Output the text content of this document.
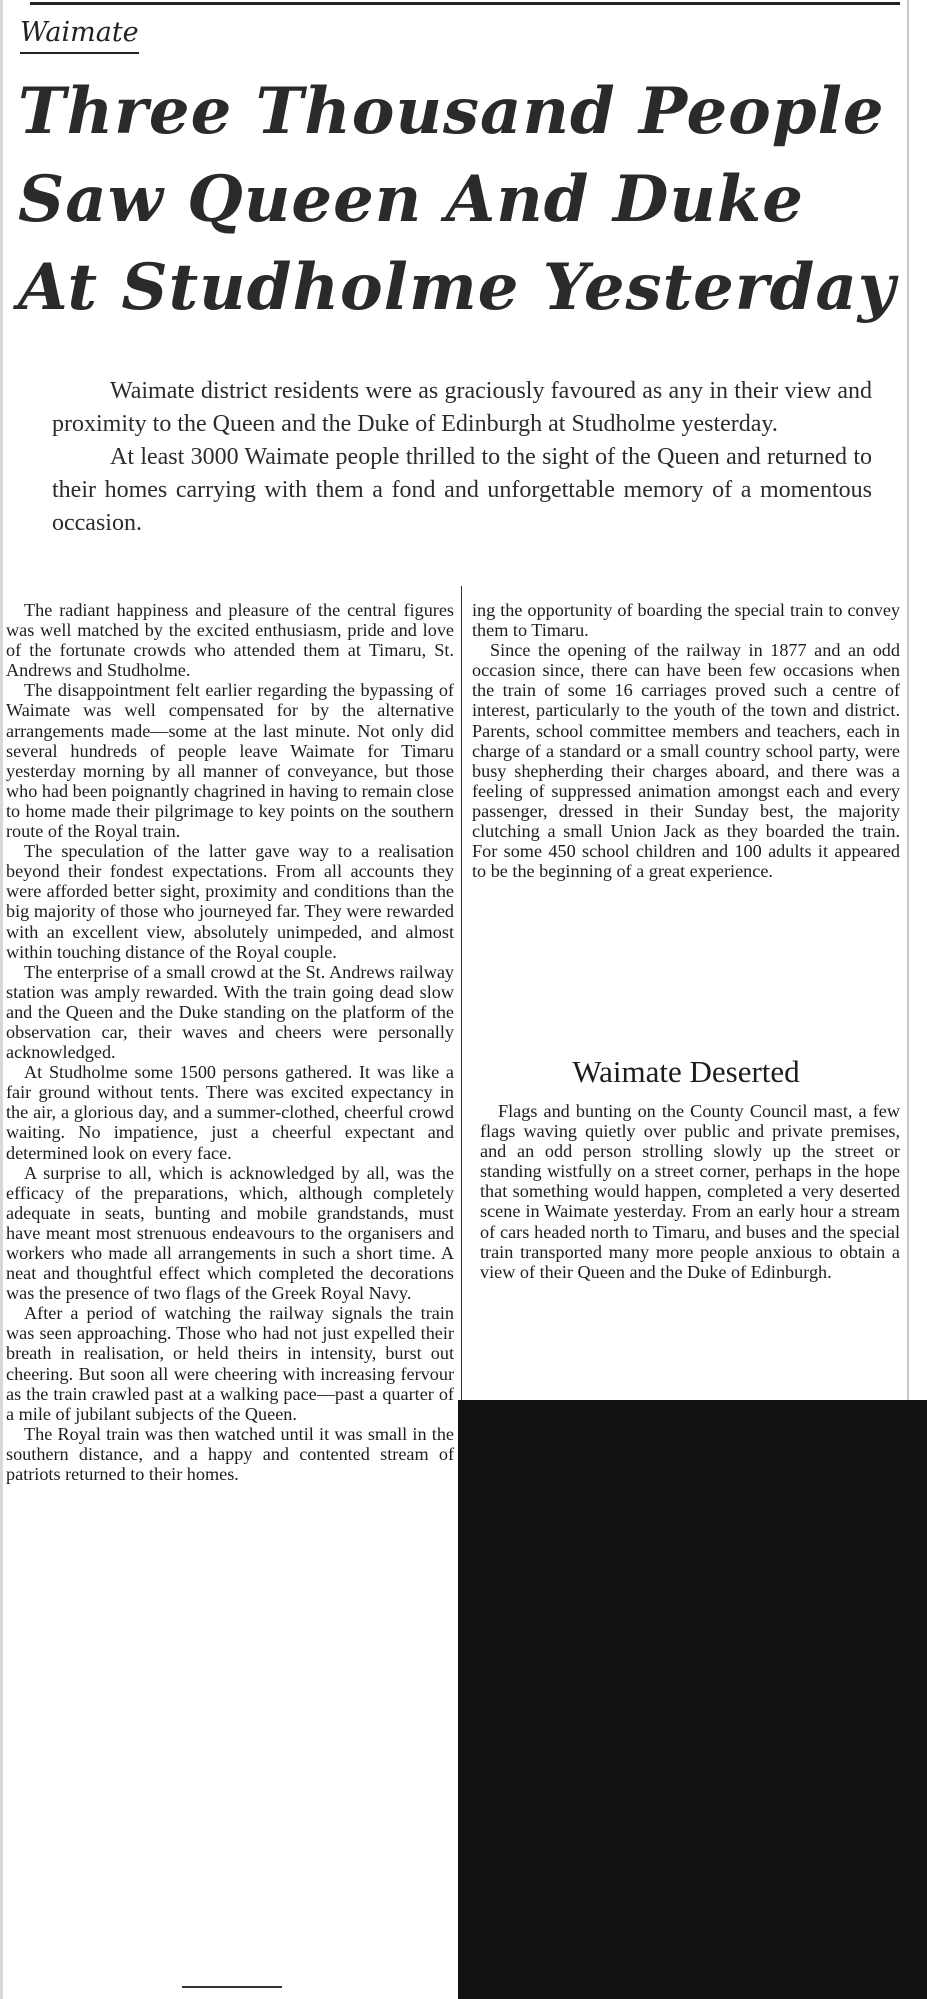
Waimate
Three Thousand People
Saw Queen And Duke
At Studholme Yesterday

Waimate district residents were as graciously favoured as any in their view and proximity to the Queen and the Duke of Edinburgh at Studholme yesterday.

At least 3000 Waimate people thrilled to the sight of the Queen and returned to their homes carrying with them a fond and unforgettable memory of a momentous occasion.

The radiant happiness and pleasure of the central figures was well matched by the excited enthusiasm, pride and love of the fortunate crowds who attended them at Timaru, St. Andrews and Studholme.

The disappointment felt earlier regarding the bypassing of Waimate was well compensated for by the alternative arrangements made—some at the last minute. Not only did several hundreds of people leave Waimate for Timaru yesterday morning by all manner of conveyance, but those who had been poignantly chagrined in having to remain close to home made their pilgrimage to key points on the southern route of the Royal train.

The speculation of the latter gave way to a realisation beyond their fondest expectations. From all accounts they were afforded better sight, proximity and conditions than the big majority of those who journeyed far. They were rewarded with an excellent view, absolutely unimpeded, and almost within touching distance of the Royal couple.

The enterprise of a small crowd at the St. Andrews railway station was amply rewarded. With the train going dead slow and the Queen and the Duke standing on the platform of the observation car, their waves and cheers were personally acknowledged.

At Studholme some 1500 persons gathered. It was like a fair ground without tents. There was excited expectancy in the air, a glorious day, and a summer-clothed, cheerful crowd waiting. No impatience, just a cheerful expectant and determined look on every face.

A surprise to all, which is acknowledged by all, was the efficacy of the preparations, which, although completely adequate in seats, bunting and mobile grandstands, must have meant most strenuous endeavours to the organisers and workers who made all arrangements in such a short time. A neat and thoughtful effect which completed the decorations was the presence of two flags of the Greek Royal Navy.

After a period of watching the railway signals the train was seen approaching. Those who had not just expelled their breath in realisation, or held theirs in intensity, burst out cheering. But soon all were cheering with increasing fervour as the train crawled past at a walking pace—past a quarter of a mile of jubilant subjects of the Queen.

The Royal train was then watched until it was small in the southern distance, and a happy and contented stream of patriots returned to their homes.

ing the opportunity of boarding the special train to convey them to Timaru.

Since the opening of the railway in 1877 and an odd occasion since, there can have been few occasions when the train of some 16 carriages proved such a centre of interest, particularly to the youth of the town and district. Parents, school committee members and teachers, each in charge of a standard or a small country school party, were busy shepherding their charges aboard, and there was a feeling of suppressed animation amongst each and every passenger, dressed in their Sunday best, the majority clutching a small Union Jack as they boarded the train. For some 450 school children and 100 adults it appeared to be the beginning of a great experience.

Waimate Deserted

Flags and bunting on the County Council mast, a few flags waving quietly over public and private premises, and an odd person strolling slowly up the street or standing wistfully on a street corner, perhaps in the hope that something would happen, completed a very deserted scene in Waimate yesterday. From an early hour a stream of cars headed north to Timaru, and buses and the special train transported many more people anxious to obtain a view of their Queen and the Duke of Edinburgh.
